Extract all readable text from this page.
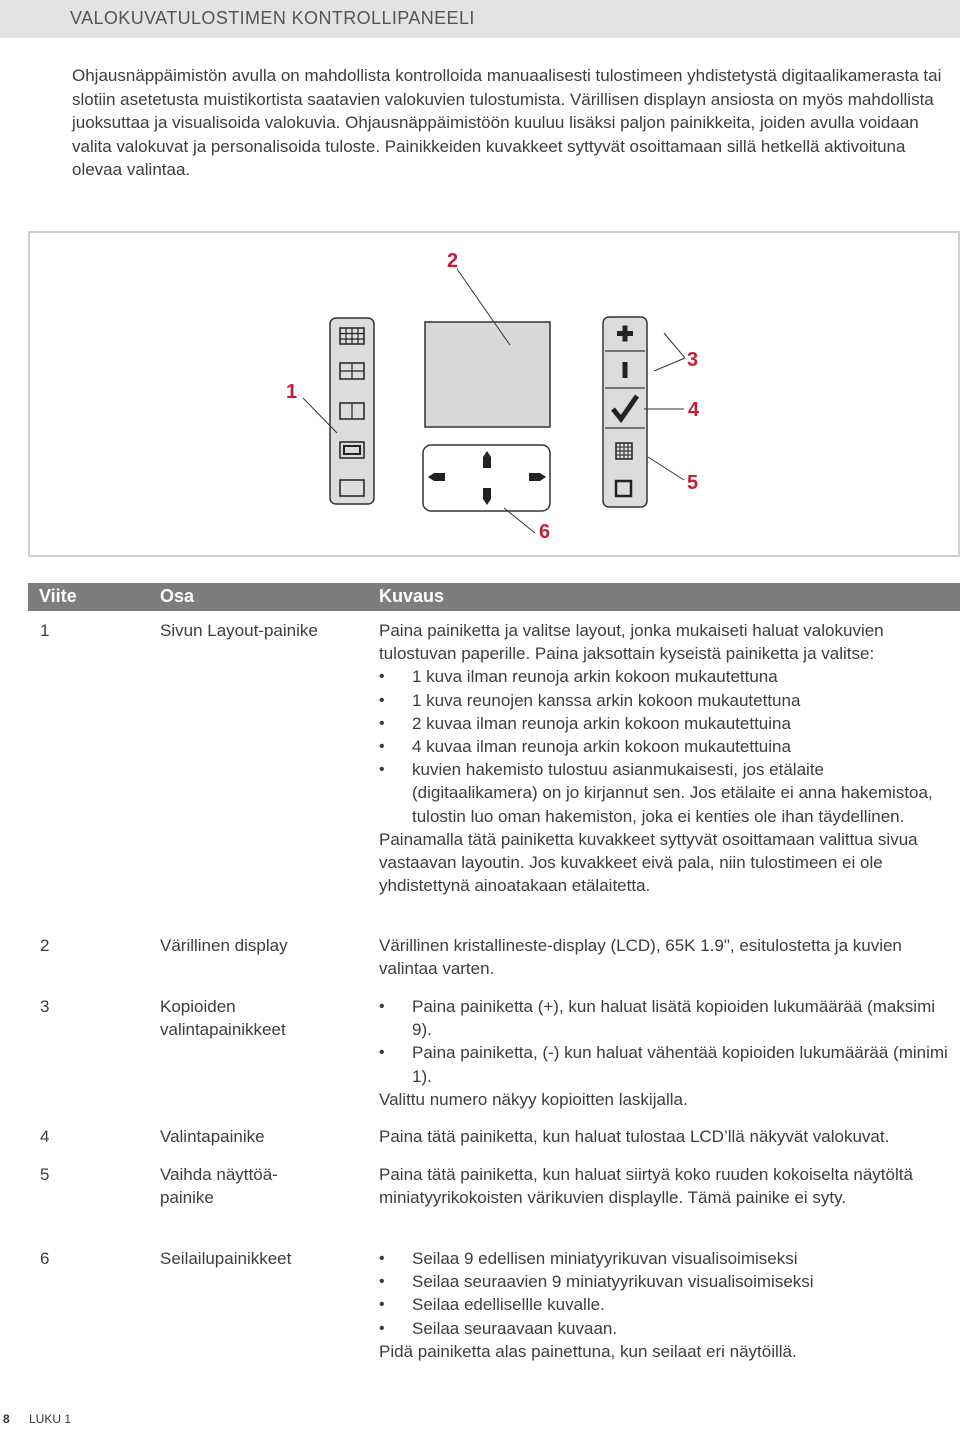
VALOKUVATULOSTIMEN KONTROLLIPANEELI
Ohjausnäppäimistön avulla on mahdollista kontrolloida manuaalisesti tulostimeen yhdistetystä digitaalikamerasta tai slotiin asetetusta muistikortista saatavien valokuvien tulostumista. Värillisen displayn ansiosta on myös mahdollista juoksuttaa ja visualisoida valokuvia. Ohjausnäppäimistöön kuuluu lisäksi paljon painikkeita, joiden avulla voidaan valita valokuvat ja personalisoida tuloste. Painikkeiden kuvakkeet syttyvät osoittamaan sillä hetkellä aktivoituna olevaa valintaa.
1
2
3
4
5
6
Viite	Osa	Kuvaus
1	Sivun Layout-painike	Paina painiketta ja valitse layout, jonka mukaiseti haluat valokuvien tulostuvan paperille. Paina jaksottain kyseistä painiketta ja valitse:

• 1 kuva ilman reunoja arkin kokoon mukautettuna
• 1 kuva reunojen kanssa arkin kokoon mukautettuna
• 2 kuvaa ilman reunoja arkin kokoon mukautettuina
• 4 kuvaa ilman reunoja arkin kokoon mukautettuina
• kuvien hakemisto tulostuu asianmukaisesti, jos etälaite (digitaalikamera) on jo kirjannut sen. Jos etälaite ei anna hakemistoa, tulostin luo oman hakemiston, joka ei kenties ole ihan täydellinen.

Painamalla tätä painiketta kuvakkeet syttyvät osoittamaan valittua sivua vastaavan layoutin. Jos kuvakkeet eivä pala, niin tulostimeen ei ole yhdistettynä ainoatakaan etälaitetta.

2	Värillinen display	Värillinen kristallineste-display (LCD), 65K 1.9", esitulostetta ja kuvien valintaa varten.

3	Kopioiden valintapainikkeet
• Paina painiketta (+), kun haluat lisätä kopioiden lukumäärää (maksimi 9).
• Paina painiketta, (-) kun haluat vähentää kopioiden lukumäärää (minimi 1).

Valittu numero näkyy kopioitten laskijalla.

4	Valintapainike	Paina tätä painiketta, kun haluat tulostaa LCD’llä näkyvät valokuvat.

5	Vaihda näyttöä-painike

Paina tätä painiketta, kun haluat siirtyä koko ruuden kokoiselta näytöltä miniatyyrikokoisten värikuvien displaylle. Tämä painike ei syty.

6	Seilailupainikkeet
•	Seilaa 9 edellisen miniatyyrikuvan visualisoimiseksi
• Seilaa seuraavien 9 miniatyyrikuvan visualisoimiseksi
• Seilaa edellisellle kuvalle.
• Seilaa seuraavaan kuvaan.

Pidä painiketta alas painettuna, kun seilaat eri näytöillä.

8 LUKU 1
